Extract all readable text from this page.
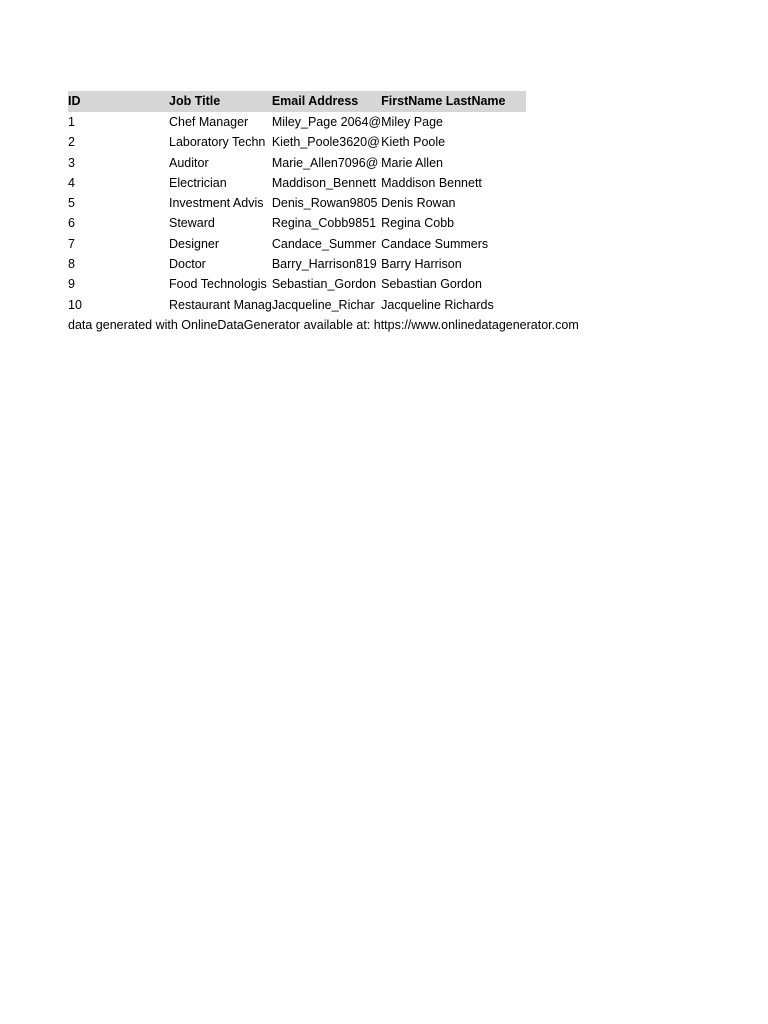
ID	Job Title	Email Address	FirstName LastName
1	Chef Manager	Miley_Page 2064@	Miley Page
2	Laboratory Techn	Kieth_Poole3620@	Kieth Poole
3	Auditor	Marie_Allen7096@	Marie Allen
4	Electrician	Maddison_Bennett	Maddison Bennett
5	Investment Advis	Denis_Rowan9805	Denis Rowan
6	Steward	Regina_Cobb9851	Regina Cobb
7	Designer	Candace_Summer	Candace Summers
8	Doctor	Barry_Harrison819	Barry Harrison
9	Food Technologis	Sebastian_Gordon	Sebastian Gordon
10	Restaurant Manag	Jacqueline_Richar	Jacqueline Richards
data generated with OnlineDataGenerator available at: https://www.onlinedatagenerator.com
